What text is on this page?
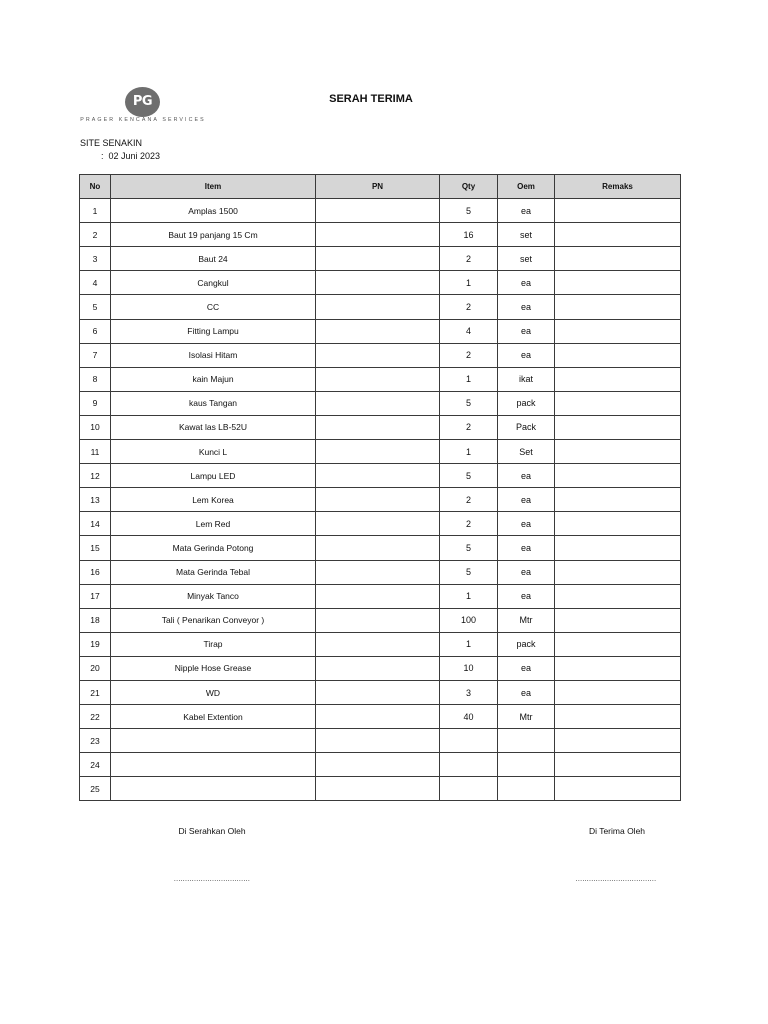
PG
PRAGER KENCANA SERVICES
SERAH TERIMA
SITE SENAKIN
: 02 Juni 2023
No	Item	PN	Qty	Oem	Remaks
1	Amplas 1500		5	ea	
2	Baut 19 panjang 15 Cm		16	set	
3	Baut 24		2	set	
4	Cangkul		1	ea	
5	CC		2	ea	
6	Fitting Lampu		4	ea	
7	Isolasi Hitam		2	ea	
8	kain Majun		1	ikat	
9	kaus Tangan		5	pack	
10	Kawat las LB-52U		2	Pack	
11	Kunci L		1	Set	
12	Lampu LED		5	ea	
13	Lem Korea		2	ea	
14	Lem Red		2	ea	
15	Mata Gerinda Potong		5	ea	
16	Mata Gerinda Tebal		5	ea	
17	Minyak Tanco		1	ea	
18	Tali ( Penarikan Conveyor )		100	Mtr	
19	Tirap		1	pack	
20	Nipple Hose Grease		10	ea	
21	WD		3	ea	
22	Kabel Extention		40	Mtr	
23					
24					
25					
Di Serahkan Oleh	Di Terima Oleh
..................................	....................................
